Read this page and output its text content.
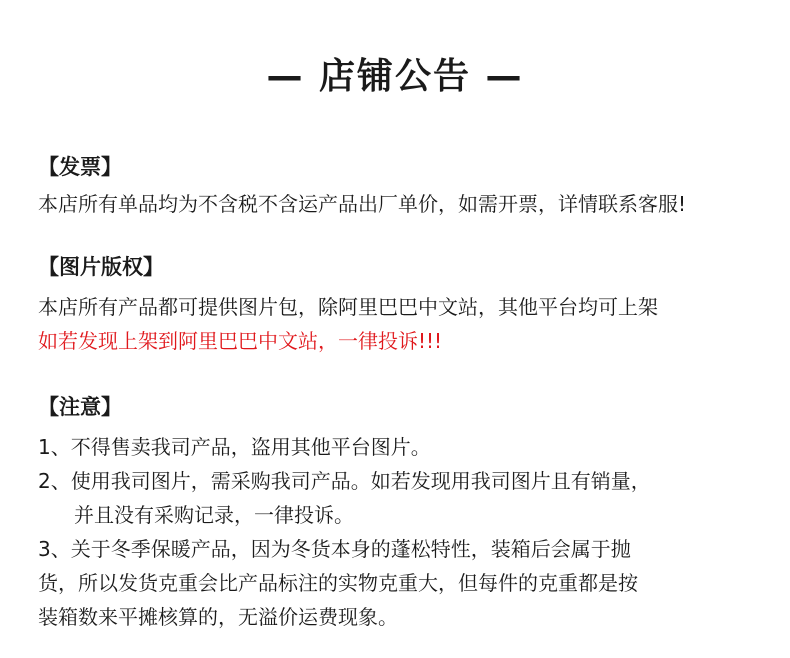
— 店铺公告 —
【发票】
本店所有单品均为不含税不含运产品出厂单价，如需开票，详情联系客服!
【图片版权】
本店所有产品都可提供图片包，除阿里巴巴中文站，其他平台均可上架
如若发现上架到阿里巴巴中文站，一律投诉!!!
【注意】
1、不得售卖我司产品，盗用其他平台图片。
2、使用我司图片，需采购我司产品。如若发现用我司图片且有销量，
并且没有采购记录，一律投诉。
3、关于冬季保暖产品，因为冬货本身的蓬松特性，装箱后会属于抛
货，所以发货克重会比产品标注的实物克重大，但每件的克重都是按
装箱数来平摊核算的，无溢价运费现象。
